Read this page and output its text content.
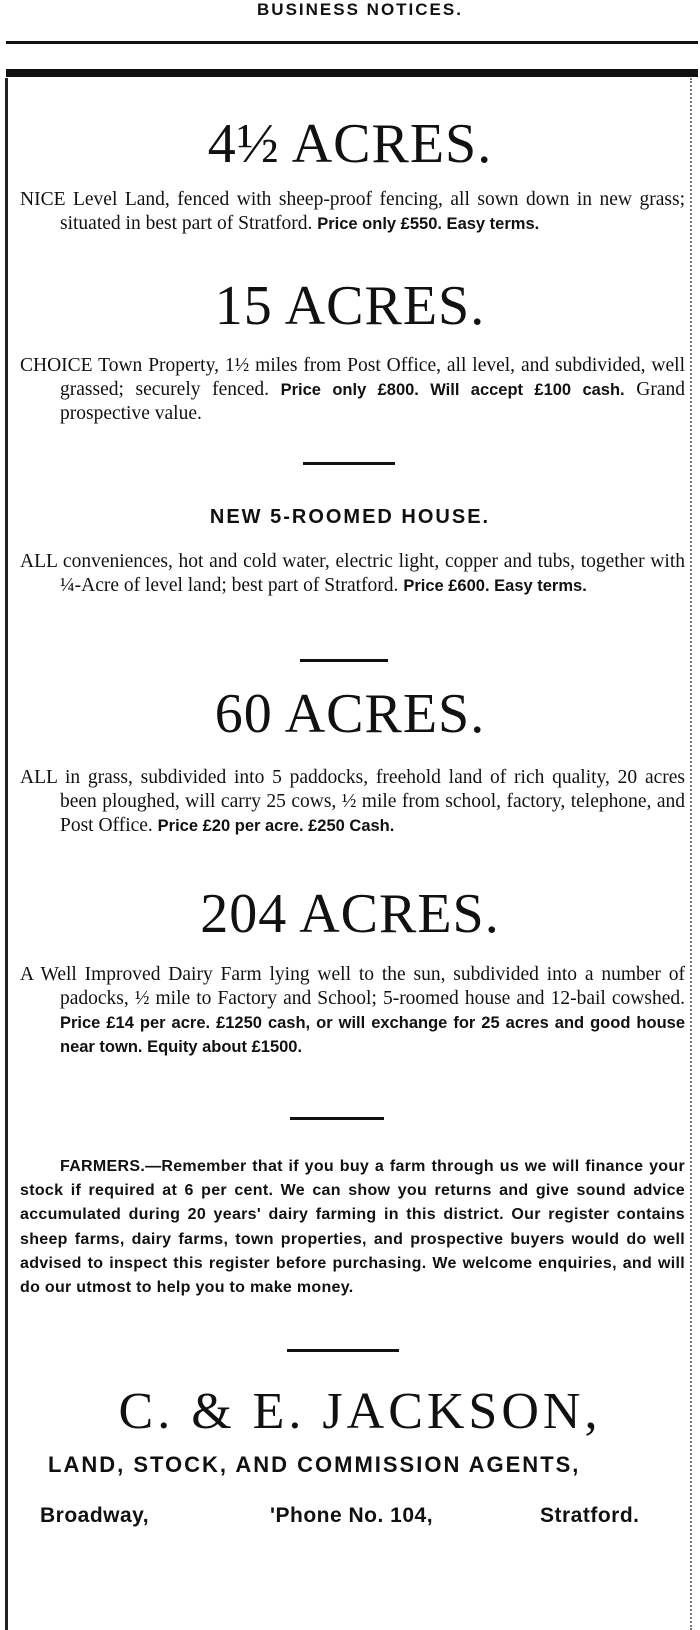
BUSINESS NOTICES.
4½ ACRES.
NICE Level Land, fenced with sheep-proof fencing, all sown down in new grass; situated in best part of Stratford. Price only £550. Easy terms.
15 ACRES.
CHOICE Town Property, 1½ miles from Post Office, all level, and subdivided, well grassed; securely fenced. Price only £800. Will accept £100 cash. Grand prospective value.
NEW 5-ROOMED HOUSE.
ALL conveniences, hot and cold water, electric light, copper and tubs, together with ¼-Acre of level land; best part of Stratford. Price £600. Easy terms.
60 ACRES.
ALL in grass, subdivided into 5 paddocks, freehold land of rich quality, 20 acres been ploughed, will carry 25 cows, ½ mile from school, factory, telephone, and Post Office. Price £20 per acre. £250 Cash.
204 ACRES.
A Well Improved Dairy Farm lying well to the sun, subdivided into a number of padocks, ½ mile to Factory and School; 5-roomed house and 12-bail cowshed. Price £14 per acre. £1250 cash, or will exchange for 25 acres and good house near town. Equity about £1500.
FARMERS.—Remember that if you buy a farm through us we will finance your stock if required at 6 per cent. We can show you returns and give sound advice accumulated during 20 years' dairy farming in this district. Our register contains sheep farms, dairy farms, town properties, and prospective buyers would do well advised to inspect this register before purchasing. We welcome enquiries, and will do our utmost to help you to make money.
C. & E. JACKSON,
LAND, STOCK, AND COMMISSION AGENTS,
Broadway,	'Phone No. 104,	Stratford.
